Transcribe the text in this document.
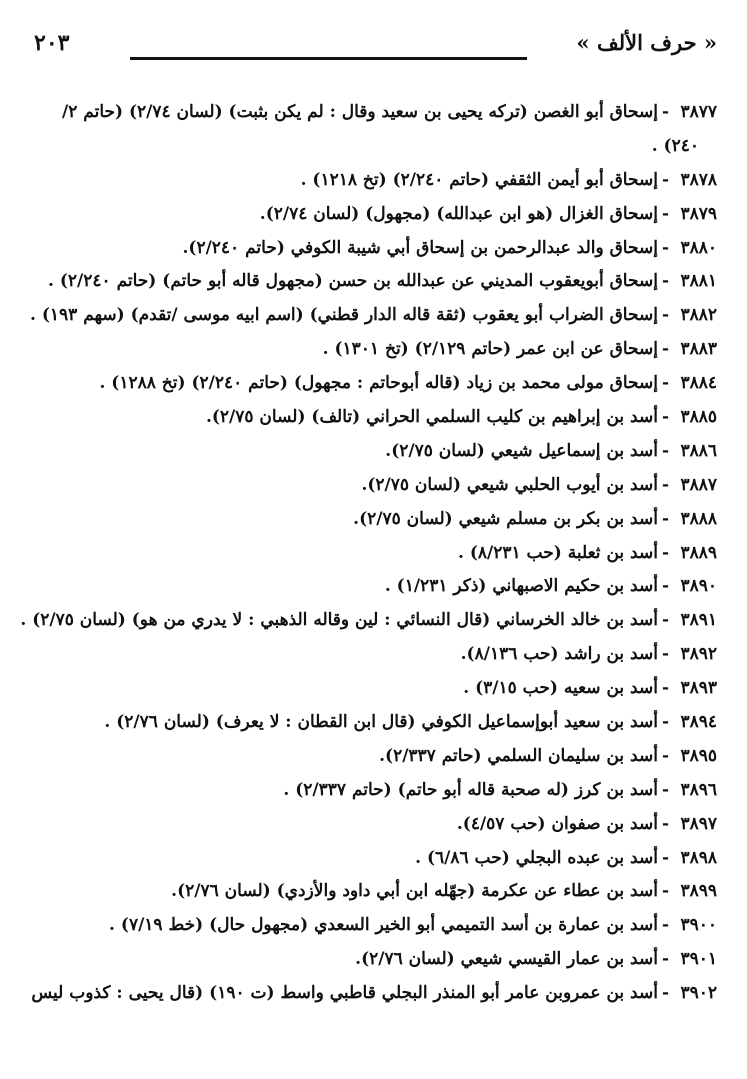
٢٠٣	« حرف الألف »
٣٨٧٧-إسحاق أبو الغصن (تركه يحيى بن سعيد وقال : لم يكن بثبت) (لسان ٢/٧٤) (حاتم ٢/
٢٤٠) .
٣٨٧٨-إسحاق أبو أيمن الثقفي (حاتم ٢/٢٤٠) (تخ ١٢١٨) .
٣٨٧٩-إسحاق الغزال (هو ابن عبدالله) (مجهول) (لسان ٢/٧٤).
٣٨٨٠-إسحاق والد عبدالرحمن بن إسحاق أبي شيبة الكوفي (حاتم ٢/٢٤٠).
٣٨٨١-إسحاق أبويعقوب المديني عن عبدالله بن حسن (مجهول قاله أبو حاتم) (حاتم ٢/٢٤٠) .
٣٨٨٢-إسحاق الضراب أبو يعقوب (ثقة قاله الدار قطني) (اسم ابيه موسى /تقدم) (سهم ١٩٣) .
٣٨٨٣-إسحاق عن ابن عمر (حاتم ٢/١٢٩) (تخ ١٣٠١) .
٣٨٨٤-إسحاق مولى محمد بن زياد (قاله أبوحاتم : مجهول) (حاتم ٢/٢٤٠) (تخ ١٢٨٨) .
٣٨٨٥-أسد بن إبراهيم بن كليب السلمي الحراني (تالف) (لسان ٢/٧٥).
٣٨٨٦-أسد بن إسماعيل شيعي (لسان ٢/٧٥).
٣٨٨٧-أسد بن أيوب الحلبي شيعي (لسان ٢/٧٥).
٣٨٨٨-أسد بن بكر بن مسلم شيعي (لسان ٢/٧٥).
٣٨٨٩-أسد بن ثعلبة (حب ٨/٢٣١) .
٣٨٩٠-أسد بن حكيم الاصبهاني (ذكر ١/٢٣١) .
٣٨٩١-أسد بن خالد الخرساني (قال النسائي : لين وقاله الذهبي : لا يدري من هو) (لسان ٢/٧٥) .
٣٨٩٢-أسد بن راشد (حب ٨/١٣٦).
٣٨٩٣-أسد بن سعيه (حب ٣/١٥) .
٣٨٩٤-أسد بن سعيد أبوإسماعيل الكوفي (قال ابن القطان : لا يعرف) (لسان ٢/٧٦) .
٣٨٩٥-أسد بن سليمان السلمي (حاتم ٢/٣٣٧).
٣٨٩٦-أسد بن كرز (له صحبة قاله أبو حاتم) (حاتم ٢/٣٣٧) .
٣٨٩٧-أسد بن صفوان (حب ٤/٥٧).
٣٨٩٨-أسد بن عبده البجلي (حب ٦/٨٦) .
٣٨٩٩-أسد بن عطاء عن عكرمة (جهّله ابن أبي داود والأزدي) (لسان ٢/٧٦).
٣٩٠٠-أسد بن عمارة بن أسد التميمي أبو الخير السعدي (مجهول حال) (خط ٧/١٩) .
٣٩٠١-أسد بن عمار القيسي شيعي (لسان ٢/٧٦).
٣٩٠٢-أسد بن عمروبن عامر أبو المنذر البجلي قاطبي واسط (ت ١٩٠) (قال يحيى : كذوب ليس
